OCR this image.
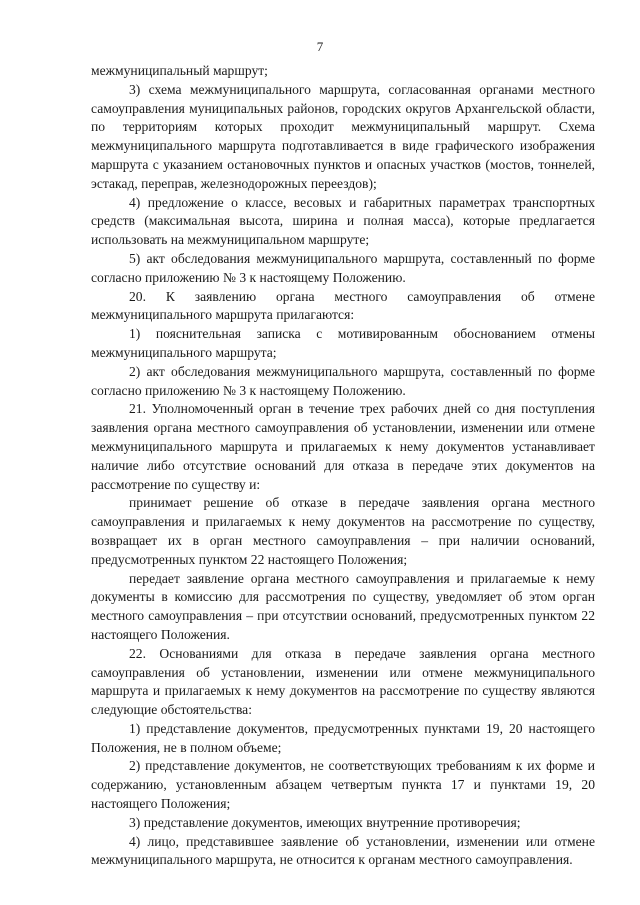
7

межмуниципальный маршрут;

3) схема межмуниципального маршрута, согласованная органами местного самоуправления муниципальных районов, городских округов Архангельской области, по территориям которых проходит межмуниципальный маршрут. Схема межмуниципального маршрута подготавливается в виде графического изображения маршрута с указанием остановочных пунктов и опасных участков (мостов, тоннелей, эстакад, переправ, железнодорожных переездов);

4) предложение о классе, весовых и габаритных параметрах транспортных средств (максимальная высота, ширина и полная масса), которые предлагается использовать на межмуниципальном маршруте;

5) акт обследования межмуниципального маршрута, составленный по форме согласно приложению № 3 к настоящему Положению.

20. К заявлению органа местного самоуправления об отмене межмуниципального маршрута прилагаются:

1) пояснительная записка с мотивированным обоснованием отмены межмуниципального маршрута;

2) акт обследования межмуниципального маршрута, составленный по форме согласно приложению № 3 к настоящему Положению.

21. Уполномоченный орган в течение трех рабочих дней со дня поступления заявления органа местного самоуправления об установлении, изменении или отмене межмуниципального маршрута и прилагаемых к нему документов устанавливает наличие либо отсутствие оснований для отказа в передаче этих документов на рассмотрение по существу и:

принимает решение об отказе в передаче заявления органа местного самоуправления и прилагаемых к нему документов на рассмотрение по существу, возвращает их в орган местного самоуправления – при наличии оснований, предусмотренных пунктом 22 настоящего Положения;

передает заявление органа местного самоуправления и прилагаемые к нему документы в комиссию для рассмотрения по существу, уведомляет об этом орган местного самоуправления – при отсутствии оснований, предусмотренных пунктом 22 настоящего Положения.

22. Основаниями для отказа в передаче заявления органа местного самоуправления об установлении, изменении или отмене межмуниципального маршрута и прилагаемых к нему документов на рассмотрение по существу являются следующие обстоятельства:

1) представление документов, предусмотренных пунктами 19, 20 настоящего Положения, не в полном объеме;

2) представление документов, не соответствующих требованиям к их форме и содержанию, установленным абзацем четвертым пункта 17 и пунктами 19, 20 настоящего Положения;

3) представление документов, имеющих внутренние противоречия;

4) лицо, представившее заявление об установлении, изменении или отмене межмуниципального маршрута, не относится к органам местного самоуправления.
